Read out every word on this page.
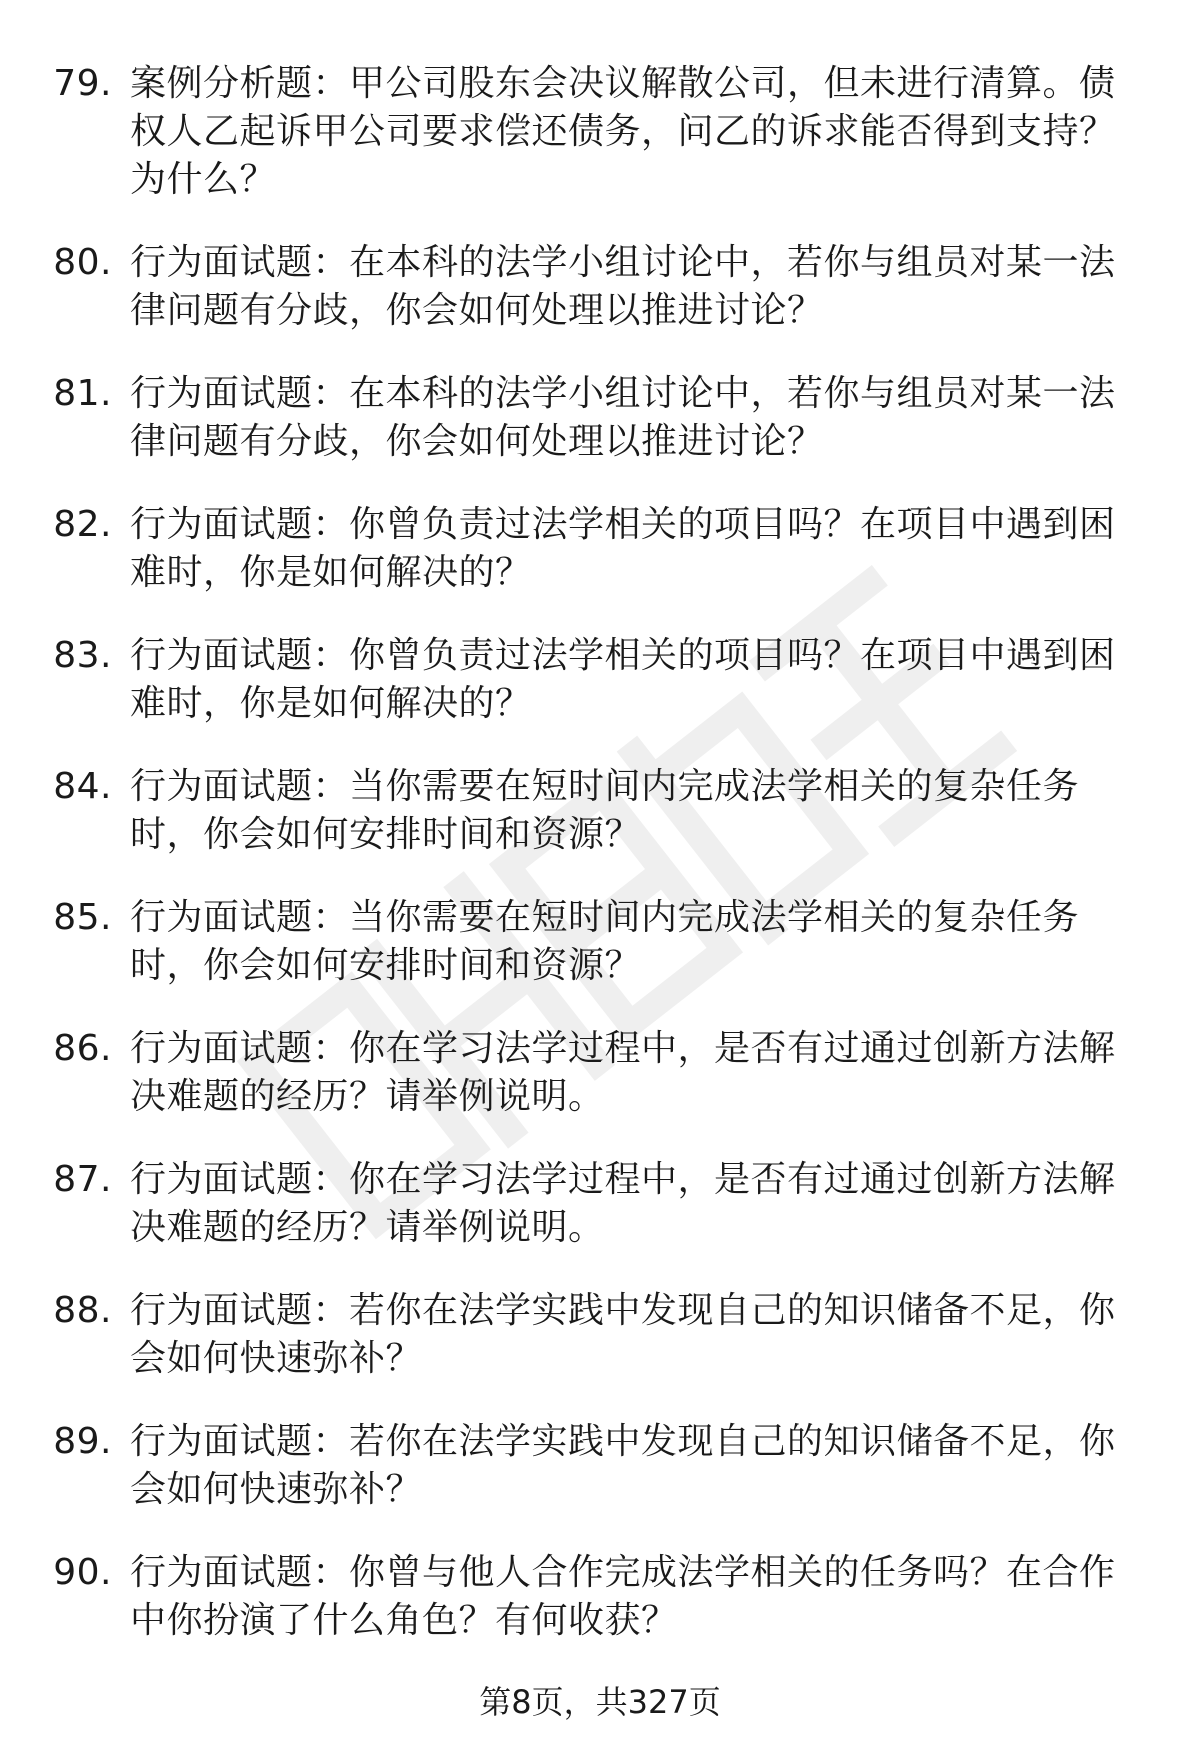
79. 案例分析题：甲公司股东会决议解散公司，但未进行清算。债权人乙起诉甲公司要求偿还债务，问乙的诉求能否得到支持？为什么？
80. 行为面试题：在本科的法学小组讨论中，若你与组员对某一法律问题有分歧，你会如何处理以推进讨论？
81. 行为面试题：在本科的法学小组讨论中，若你与组员对某一法律问题有分歧，你会如何处理以推进讨论？
82. 行为面试题：你曾负责过法学相关的项目吗？在项目中遇到困难时，你是如何解决的？
83. 行为面试题：你曾负责过法学相关的项目吗？在项目中遇到困难时，你是如何解决的？
84. 行为面试题：当你需要在短时间内完成法学相关的复杂任务时，你会如何安排时间和资源？
85. 行为面试题：当你需要在短时间内完成法学相关的复杂任务时，你会如何安排时间和资源？
86. 行为面试题：你在学习法学过程中，是否有过通过创新方法解决难题的经历？请举例说明。
87. 行为面试题：你在学习法学过程中，是否有过通过创新方法解决难题的经历？请举例说明。
88. 行为面试题：若你在法学实践中发现自己的知识储备不足，你会如何快速弥补？
89. 行为面试题：若你在法学实践中发现自己的知识储备不足，你会如何快速弥补？
90. 行为面试题：你曾与他人合作完成法学相关的任务吗？在合作中你扮演了什么角色？有何收获？
第8页，共327页
